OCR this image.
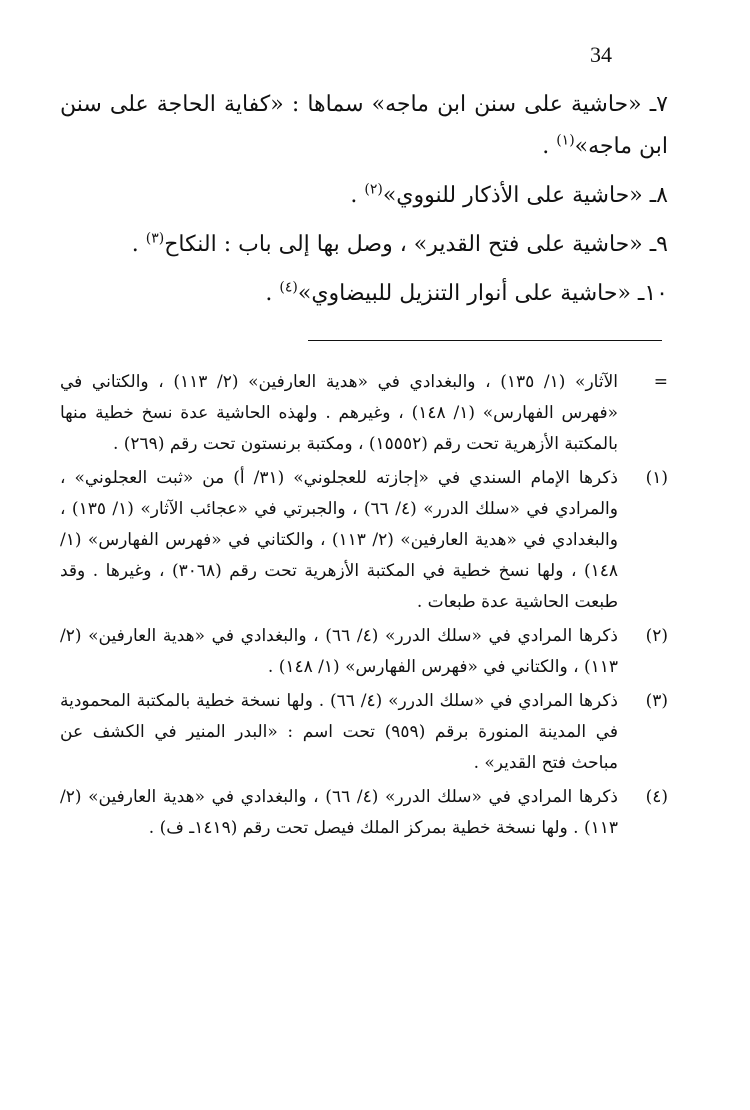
34

٧ـ «حاشية على سنن ابن ماجه» سماها : «كفاية الحاجة على سنن ابن ماجه»$^{(١)}$ .

٨ـ «حاشية على الأذكار للنووي»$^{(٢)}$ .

٩ـ «حاشية على فتح القدير» ، وصل بها إلى باب : النكاح$^{(٣)}$ .

١٠ـ «حاشية على أنوار التنزيل للبيضاوي»$^{(٤)}$ .

=
الآثار» (١/ ١٣٥) ، والبغدادي في «هدية العارفين» (٢/ ١١٣) ، والكتاني في «فهرس الفهارس» (١/ ١٤٨) ، وغيرهم . ولهذه الحاشية عدة نسخ خطية منها بالمكتبة الأزهرية تحت رقم (١٥٥٥٢) ، ومكتبة برنستون تحت رقم (٢٦٩) .
(١)
ذكرها الإمام السندي في «إجازته للعجلوني» (٣١/ أ) من «ثبت العجلوني» ، والمرادي في «سلك الدرر» (٤/ ٦٦) ، والجبرتي في «عجائب الآثار» (١/ ١٣٥) ، والبغدادي في «هدية العارفين» (٢/ ١١٣) ، والكتاني في «فهرس الفهارس» (١/ ١٤٨) ، ولها نسخ خطية في المكتبة الأزهرية تحت رقم (٣٠٦٨) ، وغيرها . وقد طبعت الحاشية عدة طبعات .
(٢)
ذكرها المرادي في «سلك الدرر» (٤/ ٦٦) ، والبغدادي في «هدية العارفين» (٢/ ١١٣) ، والكتاني في «فهرس الفهارس» (١/ ١٤٨) .
(٣)
ذكرها المرادي في «سلك الدرر» (٤/ ٦٦) . ولها نسخة خطية بالمكتبة المحمودية في المدينة المنورة برقم (٩٥٩) تحت اسم : «البدر المنير في الكشف عن مباحث فتح القدير» .
(٤)
ذكرها المرادي في «سلك الدرر» (٤/ ٦٦) ، والبغدادي في «هدية العارفين» (٢/ ١١٣) . ولها نسخة خطية بمركز الملك فيصل تحت رقم (١٤١٩ـ ف) .
